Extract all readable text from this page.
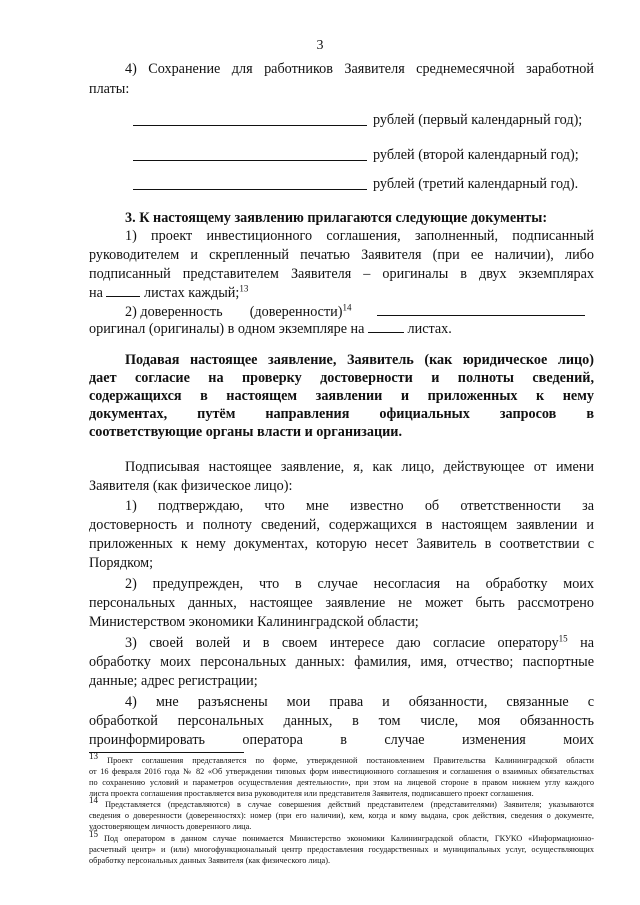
3
4) Сохранение для работников Заявителя среднемесячной заработной
платы:
рублей (первый календарный год);
рублей (второй календарный год);
рублей (третий календарный год).
3. К настоящему заявлению прилагаются следующие документы:
1) проект инвестиционного соглашения, заполненный, подписанный
руководителем и скрепленный печатью Заявителя (при ее наличии), либо
подписанный представителем Заявителя – оригиналы в двух экземплярах
на	листах каждый;$^{13}$
2) доверенность (доверенности)$^{14}$
оригинал (оригиналы) в одном экземпляре на	листах.
Подавая настоящее заявление, Заявитель (как юридическое лицо)
дает согласие на проверку достоверности и полноты сведений,
содержащихся в настоящем заявлении и приложенных к нему
документах, путём направления официальных запросов в
соответствующие органы власти и организации.
Подписывая настоящее заявление, я, как лицо, действующее от имени
Заявителя (как физическое лицо):
1) подтверждаю, что мне известно об ответственности за
достоверность и полноту сведений, содержащихся в настоящем заявлении и
приложенных к нему документах, которую несет Заявитель в соответствии с
Порядком;
2) предупрежден, что в случае несогласия на обработку моих
персональных данных, настоящее заявление не может быть рассмотрено
Министерством экономики Калининградской области;
3) своей волей и в своем интересе даю согласие оператору$^{15}$ на
обработку моих персональных данных: фамилия, имя, отчество; паспортные
данные; адрес регистрации;
4) мне разъяснены мои права и обязанности, связанные с
обработкой персональных данных, в том числе, моя обязанность
проинформировать оператора в случае изменения моих
$^{13}$ Проект соглашения представляется по форме, утвержденной постановлением Правительства Калининградской области
от 16 февраля 2016 года № 82 «Об утверждении типовых форм инвестиционного соглашения и соглашения о взаимных обязательствах
по сохранению условий и параметров осуществления деятельности», при этом на лицевой стороне в правом нижнем углу каждого
листа проекта соглашения проставляется виза руководителя или представителя Заявителя, подписавшего проект соглашения.
$^{14}$ Представляется (представляются) в случае совершения действий представителем (представителями) Заявителя; указываются
сведения о доверенности (доверенностях): номер (при его наличии), кем, когда и кому выдана, срок действия, сведения о документе,
удостоверяющем личность доверенного лица.
$^{15}$ Под оператором в данном случае понимается Министерство экономики Калининградской области, ГКУКО «Информационно-
расчетный центр» и (или) многофункциональный центр предоставления государственных и муниципальных услуг, осуществляющих
обработку персональных данных Заявителя (как физического лица).
